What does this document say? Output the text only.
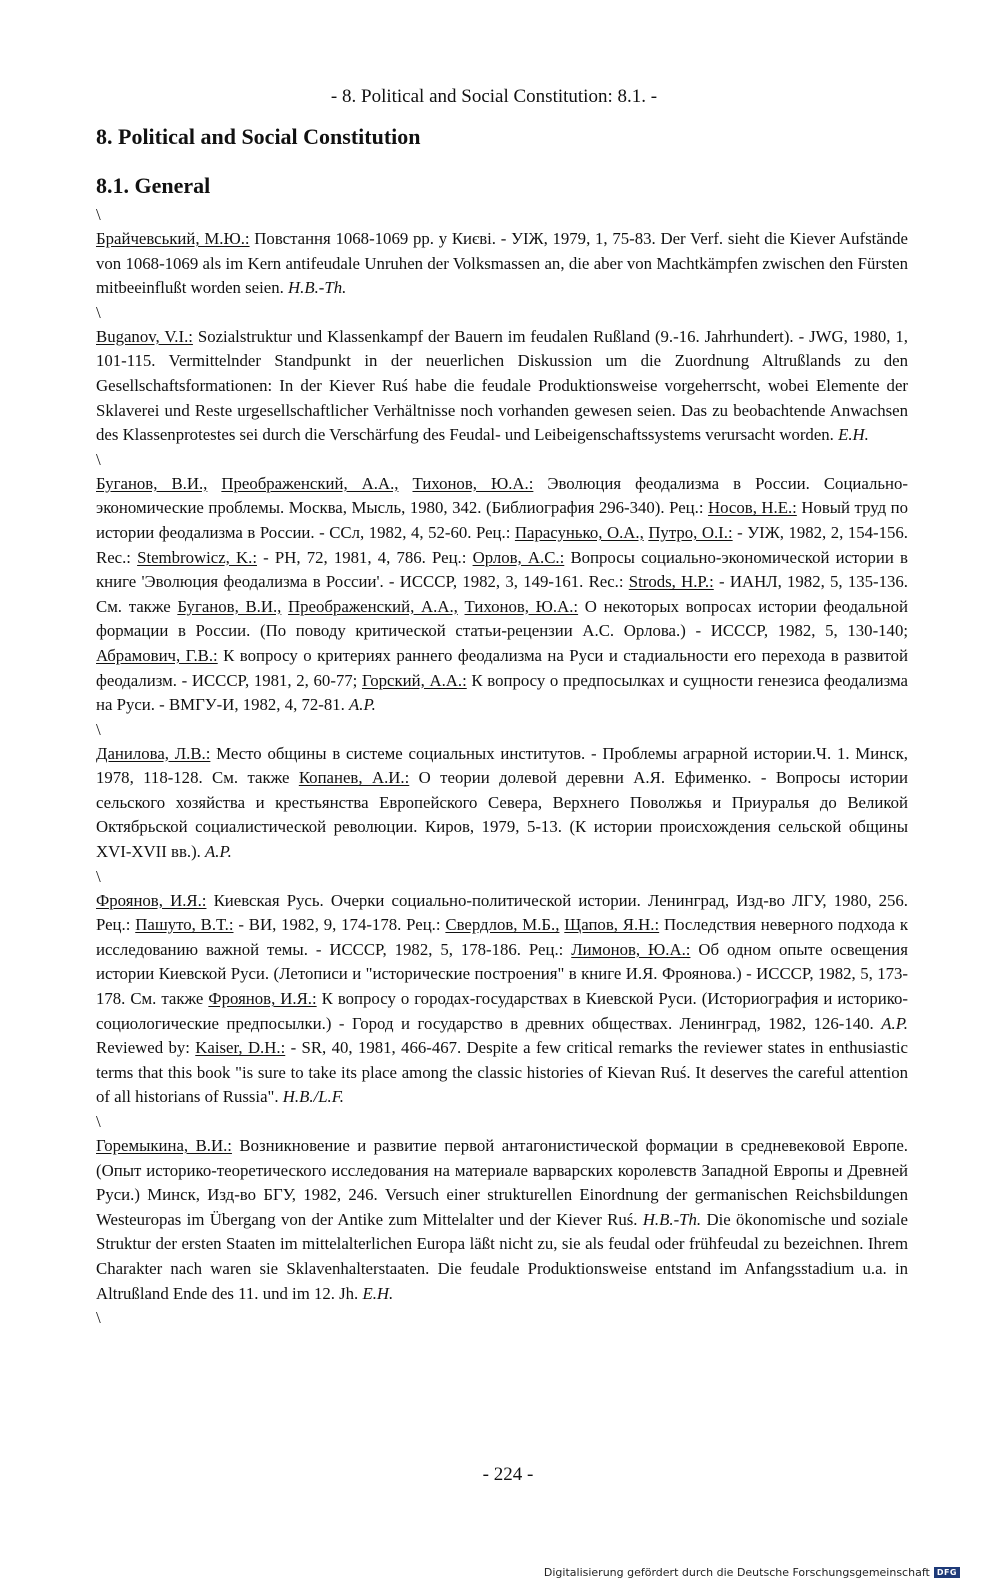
- 8. Political and Social Constitution: 8.1. -
8. Political and Social Constitution
8.1. General
\

Брайчевський, М.Ю.: Повстання 1068-1069 рр. у Києві. - УІЖ, 1979, 1, 75-83. Der Verf. sieht die Kiever Aufstände von 1068-1069 als im Kern antifeudale Unruhen der Volksmassen an, die aber von Machtkämpfen zwischen den Fürsten mitbeeinflußt worden seien. H.B.-Th.

\

Buganov, V.I.: Sozialstruktur und Klassenkampf der Bauern im feudalen Rußland (9.-16. Jahrhundert). - JWG, 1980, 1, 101-115. Vermittelnder Standpunkt in der neuerlichen Diskussion um die Zuordnung Altrußlands zu den Gesellschaftsformationen: In der Kiever Ruś habe die feudale Produktionsweise vorgeherrscht, wobei Elemente der Sklaverei und Reste urgesellschaftlicher Verhältnisse noch vorhanden gewesen seien. Das zu beobachtende Anwachsen des Klassenprotestes sei durch die Verschärfung des Feudal- und Leibeigenschaftssystems verursacht worden. E.H.

\

Буганов, В.И., Преображенский, А.А., Тихонов, Ю.А.: Эволюция феодализма в России. Социально-экономические проблемы. Москва, Мысль, 1980, 342. (Библиография 296-340). Рец.: Носов, Н.Е.: Новый труд по истории феодализма в России. - ССл, 1982, 4, 52-60. Рец.: Парасунько, О.А., Путро, О.І.: - УІЖ, 1982, 2, 154-156. Rec.: Stembrowicz, K.: - PH, 72, 1981, 4, 786. Рец.: Орлов, А.С.: Вопросы социально-экономической истории в книге 'Эволюция феодализма в России'. - ИССCP, 1982, 3, 149-161. Rec.: Strods, H.P.: - ИАНЛ, 1982, 5, 135-136. См. также Буганов, В.И., Преображенский, А.А., Тихонов, Ю.А.: О некоторых вопросах истории феодальной формации в России. (По поводу критической статьи-рецензии А.С. Орлова.) - ИССCP, 1982, 5, 130-140; Абрамович, Г.В.: К вопросу о критериях раннего феодализма на Руси и стадиальности его перехода в развитой феодализм. - ИССCP, 1981, 2, 60-77; Горский, А.А.: К вопросу о предпосылках и сущности генезиса феодализма на Руси. - ВМГУ-И, 1982, 4, 72-81. A.P.

\

Данилова, Л.В.: Место общины в системе социальных институтов. - Проблемы аграрной истории.Ч. 1. Минск, 1978, 118-128. См. также Копанев, А.И.: О теории долевой деревни А.Я. Ефименко. - Вопросы истории сельского хозяйства и крестьянства Европейского Севера, Верхнего Поволжья и Приуралья до Великой Октябрьской социалистической революции. Киров, 1979, 5-13. (К истории происхождения сельской общины XVI-XVII вв.). A.P.

\

Фроянов, И.Я.: Киевская Русь. Очерки социально-политической истории. Ленинград, Изд-во ЛГУ, 1980, 256. Рец.: Пашуто, В.Т.: - ВИ, 1982, 9, 174-178. Рец.: Свердлов, М.Б., Щапов, Я.Н.: Последствия неверного подхода к исследованию важной темы. - ИССCP, 1982, 5, 178-186. Рец.: Лимонов, Ю.А.: Об одном опыте освещения истории Киевской Руси. (Летописи и "исторические построения" в книге И.Я. Фроянова.) - ИССCP, 1982, 5, 173-178. См. также Фроянов, И.Я.: К вопросу о городах-государствах в Киевской Руси. (Историография и историко-социологические предпосылки.) - Город и государство в древних обществах. Ленинград, 1982, 126-140. A.P. Reviewed by: Kaiser, D.H.: - SR, 40, 1981, 466-467. Despite a few critical remarks the reviewer states in enthusiastic terms that this book "is sure to take its place among the classic histories of Kievan Ruś. It deserves the careful attention of all historians of Russia". H.B./L.F.

\

Горемыкина, В.И.: Возникновение и развитие первой антагонистической формации в средневековой Европе. (Опыт историко-теоретического исследования на материале варварских королевств Западной Европы и Древней Руси.) Минск, Изд-во БГУ, 1982, 246. Versuch einer strukturellen Einordnung der germanischen Reichsbildungen Westeuropas im Übergang von der Antike zum Mittelalter und der Kiever Ruś. H.B.-Th. Die ökonomische und soziale Struktur der ersten Staaten im mittelalterlichen Europa läßt nicht zu, sie als feudal oder frühfeudal zu bezeichnen. Ihrem Charakter nach waren sie Sklavenhalterstaaten. Die feudale Produktionsweise entstand im Anfangsstadium u.a. in Altrußland Ende des 11. und im 12. Jh. E.H.

\
- 224 -
Digitalisierung gefördert durch die Deutsche Forschungsgemeinschaft DFG
